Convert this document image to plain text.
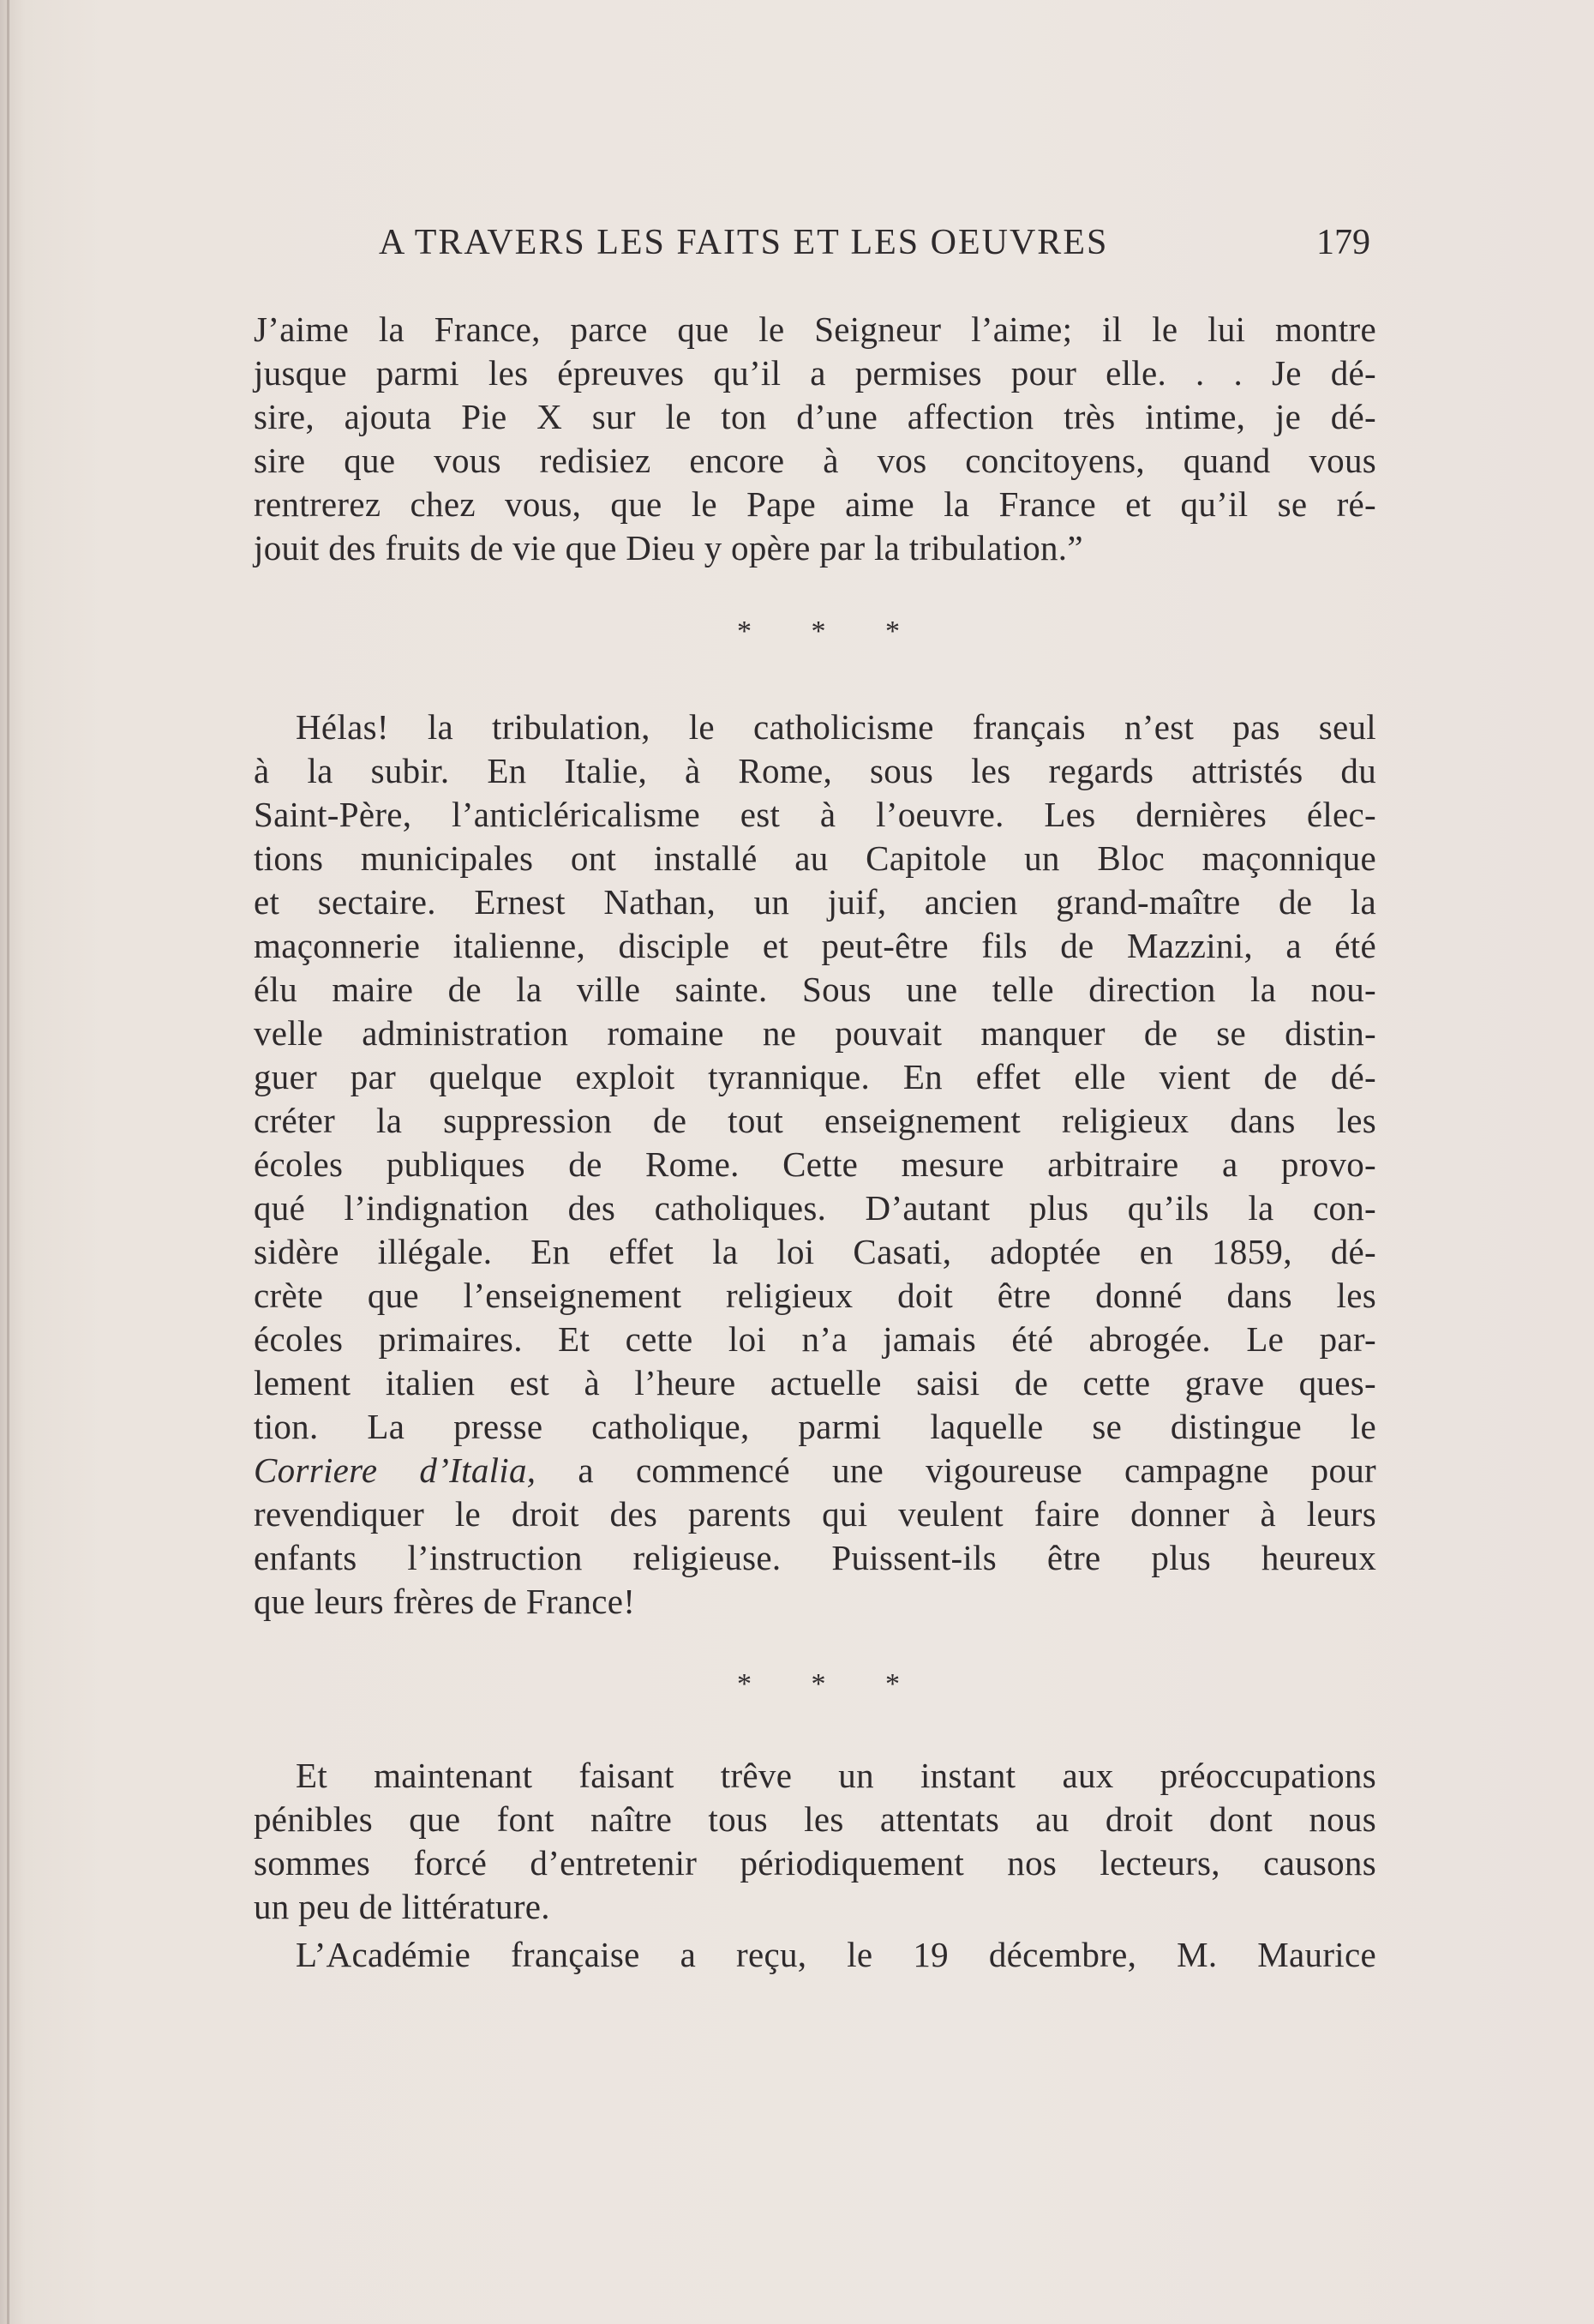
A TRAVERS LES FAITS ET LES OEUVRES	179
J’aime la France, parce que le Seigneur l’aime; il le lui montre
jusque parmi les épreuves qu’il a permises pour elle. . . Je dé-
sire, ajouta Pie X sur le ton d’une affection très intime, je dé-
sire que vous redisiez encore à vos concitoyens, quand vous
rentrerez chez vous, que le Pape aime la France et qu’il se ré-
jouit des fruits de vie que Dieu y opère par la tribulation.”
* * *
Hélas! la tribulation, le catholicisme français n’est pas seul
à la subir. En Italie, à Rome, sous les regards attristés du
Saint-Père, l’anticléricalisme est à l’oeuvre. Les dernières élec-
tions municipales ont installé au Capitole un Bloc maçonnique
et sectaire. Ernest Nathan, un juif, ancien grand-maître de la
maçonnerie italienne, disciple et peut-être fils de Mazzini, a été
élu maire de la ville sainte. Sous une telle direction la nou-
velle administration romaine ne pouvait manquer de se distin-
guer par quelque exploit tyrannique. En effet elle vient de dé-
créter la suppression de tout enseignement religieux dans les
écoles publiques de Rome. Cette mesure arbitraire a provo-
qué l’indignation des catholiques. D’autant plus qu’ils la con-
sidère illégale. En effet la loi Casati, adoptée en 1859, dé-
crète que l’enseignement religieux doit être donné dans les
écoles primaires. Et cette loi n’a jamais été abrogée. Le par-
lement italien est à l’heure actuelle saisi de cette grave ques-
tion. La presse catholique, parmi laquelle se distingue le
Corriere d’Italia, a commencé une vigoureuse campagne pour
revendiquer le droit des parents qui veulent faire donner à leurs
enfants l’instruction religieuse. Puissent-ils être plus heureux
que leurs frères de France!
* * *
Et maintenant faisant trêve un instant aux préoccupations
pénibles que font naître tous les attentats au droit dont nous
sommes forcé d’entretenir périodiquement nos lecteurs, causons
un peu de littérature.
L’Académie française a reçu, le 19 décembre, M. Maurice
